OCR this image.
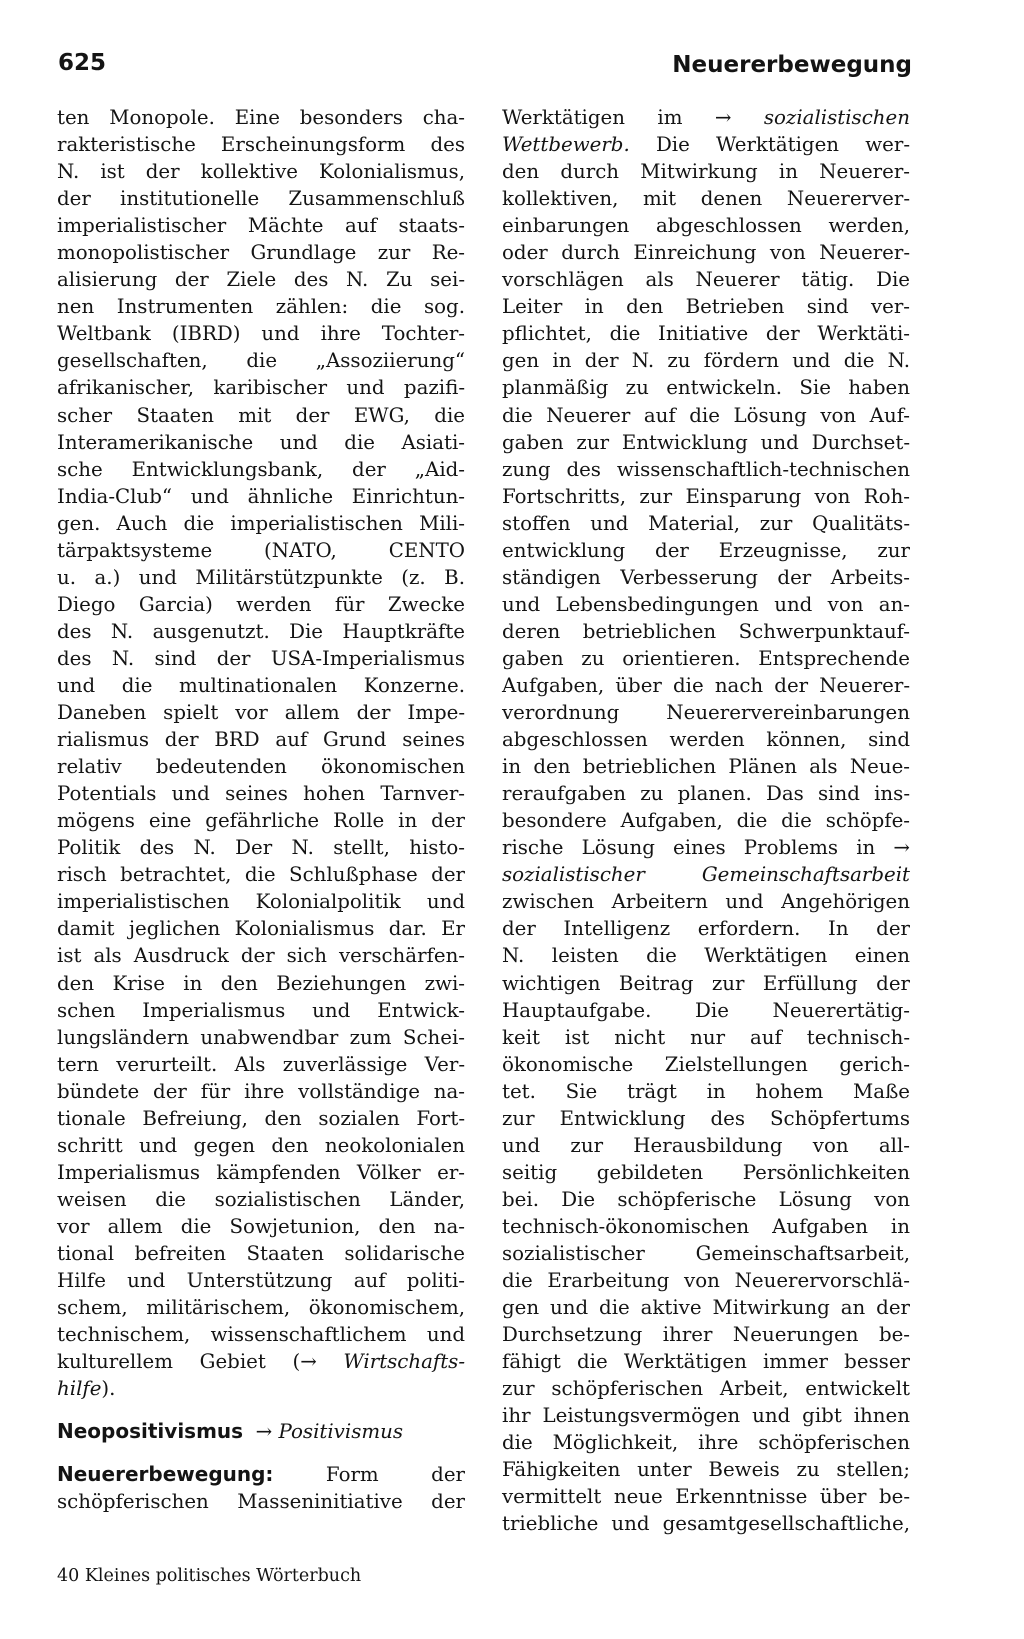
625	Neuererbewegung
ten Monopole. Eine besonders cha-
rakteristische Erscheinungsform des
N. ist der kollektive Kolonialismus,
der institutionelle Zusammenschluß
imperialistischer Mächte auf staats-
monopolistischer Grundlage zur Re-
alisierung der Ziele des N. Zu sei-
nen Instrumenten zählen: die sog.
Weltbank (IBRD) und ihre Tochter-
gesellschaften, die „Assoziierung“
afrikanischer, karibischer und pazifi-
scher Staaten mit der EWG, die
Interamerikanische und die Asiati-
sche Entwicklungsbank, der „Aid-
India-Club“ und ähnliche Einrichtun-
gen. Auch die imperialistischen Mili-
tärpaktsysteme (NATO, CENTO
u. a.) und Militärstützpunkte (z. B.
Diego Garcia) werden für Zwecke
des N. ausgenutzt. Die Hauptkräfte
des N. sind der USA-Imperialismus
und die multinationalen Konzerne.
Daneben spielt vor allem der Impe-
rialismus der BRD auf Grund seines
relativ bedeutenden ökonomischen
Potentials und seines hohen Tarnver-
mögens eine gefährliche Rolle in der
Politik des N. Der N. stellt, histo-
risch betrachtet, die Schlußphase der
imperialistischen Kolonialpolitik und
damit jeglichen Kolonialismus dar. Er
ist als Ausdruck der sich verschärfen-
den Krise in den Beziehungen zwi-
schen Imperialismus und Entwick-
lungsländern unabwendbar zum Schei-
tern verurteilt. Als zuverlässige Ver-
bündete der für ihre vollständige na-
tionale Befreiung, den sozialen Fort-
schritt und gegen den neokolonialen
Imperialismus kämpfenden Völker er-
weisen die sozialistischen Länder,
vor allem die Sowjetunion, den na-
tional befreiten Staaten solidarische
Hilfe und Unterstützung auf politi-
schem, militärischem, ökonomischem,
technischem, wissenschaftlichem und
kulturellem Gebiet (→ Wirtschafts-
hilfe).
Neopositivismus → Positivismus
Neuererbewegung:	Form der
schöpferischen Masseninitiative der
Werktätigen im → sozialistischen
Wettbewerb. Die Werktätigen wer-
den durch Mitwirkung in Neuerer-
kollektiven, mit denen Neuererver-
einbarungen abgeschlossen werden,
oder durch Einreichung von Neuerer-
vorschlägen als Neuerer tätig. Die
Leiter in den Betrieben sind ver-
pflichtet, die Initiative der Werktäti-
gen in der N. zu fördern und die N.
planmäßig zu entwickeln. Sie haben
die Neuerer auf die Lösung von Auf-
gaben zur Entwicklung und Durchset-
zung des wissenschaftlich-technischen
Fortschritts, zur Einsparung von Roh-
stoffen und Material, zur Qualitäts-
entwicklung der Erzeugnisse, zur
ständigen Verbesserung der Arbeits-
und Lebensbedingungen und von an-
deren betrieblichen Schwerpunktauf-
gaben zu orientieren. Entsprechende
Aufgaben, über die nach der Neuerer-
verordnung Neuerervereinbarungen
abgeschlossen werden können, sind
in den betrieblichen Plänen als Neue-
reraufgaben zu planen. Das sind ins-
besondere Aufgaben, die die schöpfe-
rische Lösung eines Problems in →
sozialistischer	Gemeinschaftsarbeit
zwischen Arbeitern und Angehörigen
der Intelligenz erfordern. In der
N. leisten die Werktätigen einen
wichtigen Beitrag zur Erfüllung der
Hauptaufgabe. Die Neuerertätig-
keit ist nicht nur auf technisch-
ökonomische Zielstellungen gerich-
tet. Sie trägt in hohem Maße
zur Entwicklung des Schöpfertums
und zur Herausbildung von all-
seitig gebildeten Persönlichkeiten
bei. Die schöpferische Lösung von
technisch-ökonomischen Aufgaben in
sozialistischer Gemeinschaftsarbeit,
die Erarbeitung von Neuerervorschlä-
gen und die aktive Mitwirkung an der
Durchsetzung ihrer Neuerungen be-
fähigt die Werktätigen immer besser
zur schöpferischen Arbeit, entwickelt
ihr Leistungsvermögen und gibt ihnen
die Möglichkeit, ihre schöpferischen
Fähigkeiten unter Beweis zu stellen;
vermittelt neue Erkenntnisse über be-
triebliche und gesamtgesellschaftliche,
40 Kleines politisches Wörterbuch
